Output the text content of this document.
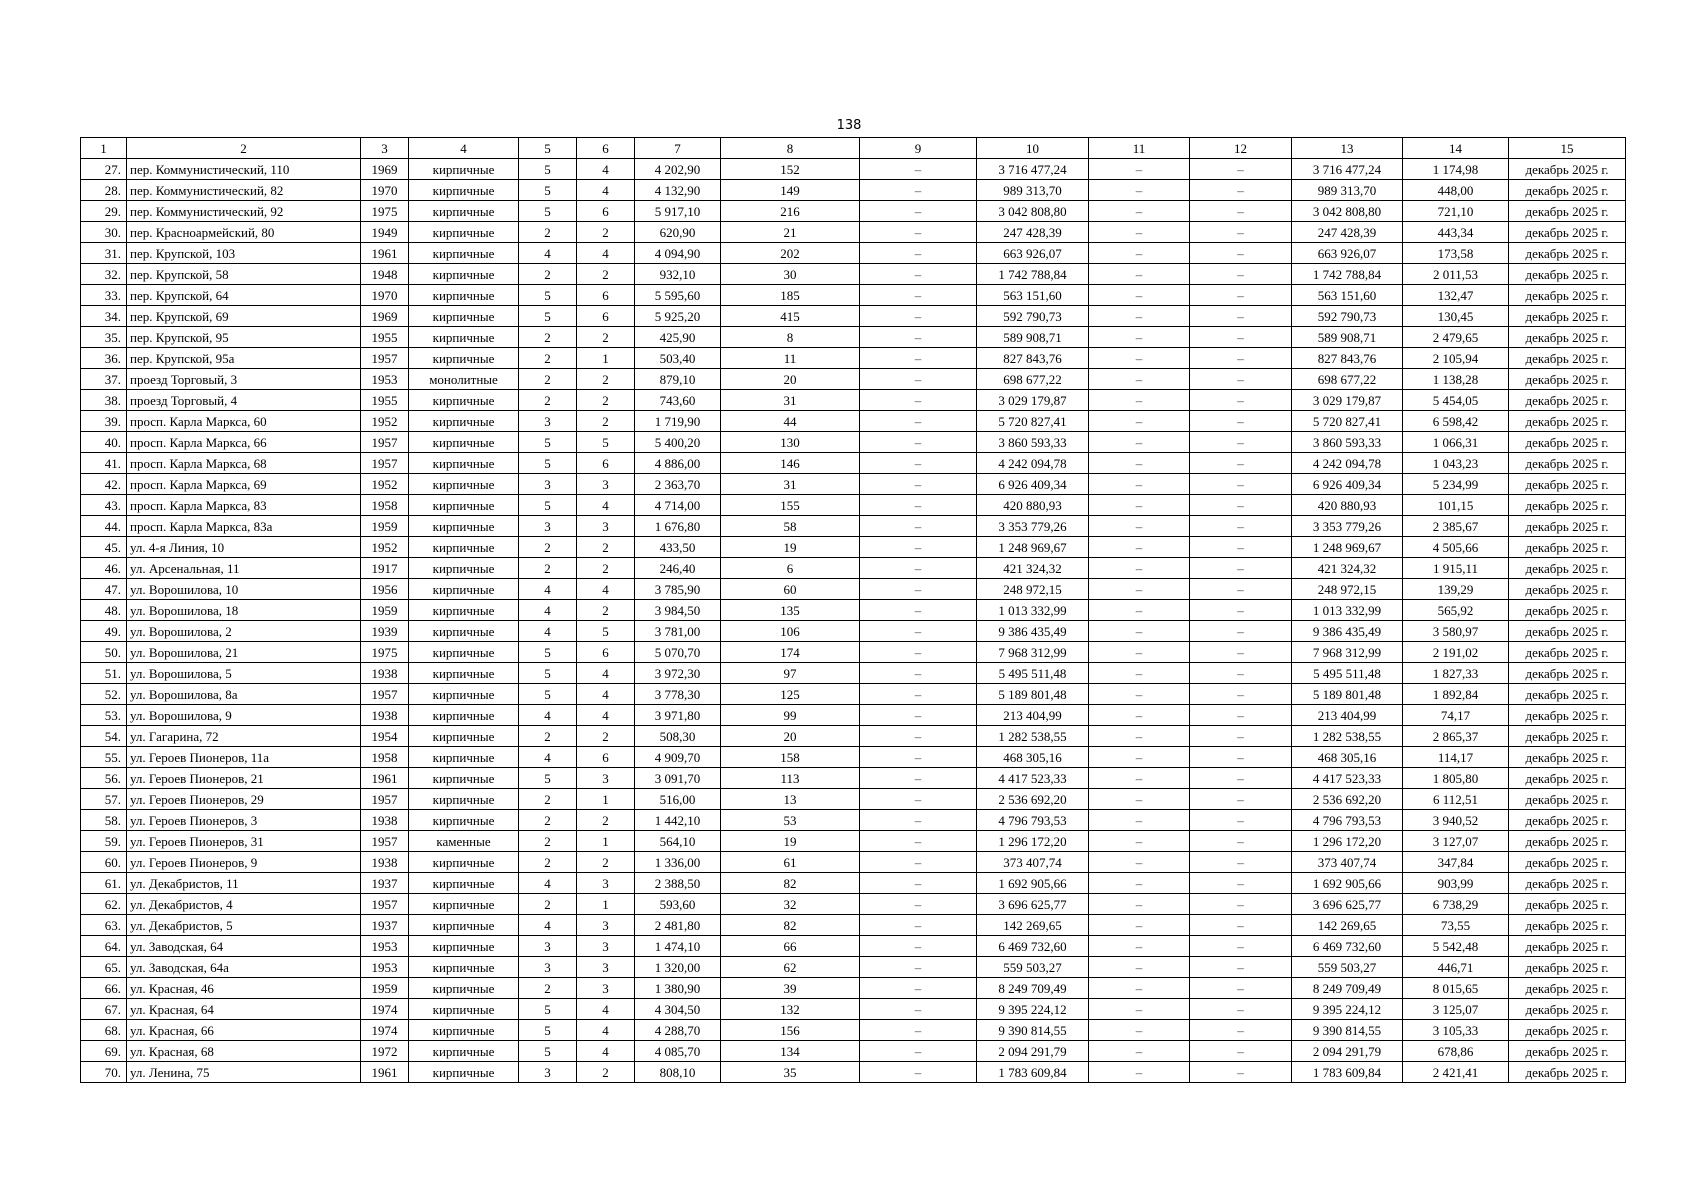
138
1	2	3	4	5	6	7	8	9	10	11	12	13	14	15
27.	пер. Коммунистический, 110	1969	кирпичные	5	4	4 202,90	152	–	3 716 477,24	–	–	3 716 477,24	1 174,98	декабрь 2025 г.
28.	пер. Коммунистический, 82	1970	кирпичные	5	4	4 132,90	149	–	989 313,70	–	–	989 313,70	448,00	декабрь 2025 г.
29.	пер. Коммунистический, 92	1975	кирпичные	5	6	5 917,10	216	–	3 042 808,80	–	–	3 042 808,80	721,10	декабрь 2025 г.
30.	пер. Красноармейский, 80	1949	кирпичные	2	2	620,90	21	–	247 428,39	–	–	247 428,39	443,34	декабрь 2025 г.
31.	пер. Крупской, 103	1961	кирпичные	4	4	4 094,90	202	–	663 926,07	–	–	663 926,07	173,58	декабрь 2025 г.
32.	пер. Крупской, 58	1948	кирпичные	2	2	932,10	30	–	1 742 788,84	–	–	1 742 788,84	2 011,53	декабрь 2025 г.
33.	пер. Крупской, 64	1970	кирпичные	5	6	5 595,60	185	–	563 151,60	–	–	563 151,60	132,47	декабрь 2025 г.
34.	пер. Крупской, 69	1969	кирпичные	5	6	5 925,20	415	–	592 790,73	–	–	592 790,73	130,45	декабрь 2025 г.
35.	пер. Крупской, 95	1955	кирпичные	2	2	425,90	8	–	589 908,71	–	–	589 908,71	2 479,65	декабрь 2025 г.
36.	пер. Крупской, 95а	1957	кирпичные	2	1	503,40	11	–	827 843,76	–	–	827 843,76	2 105,94	декабрь 2025 г.
37.	проезд Торговый, 3	1953	монолитные	2	2	879,10	20	–	698 677,22	–	–	698 677,22	1 138,28	декабрь 2025 г.
38.	проезд Торговый, 4	1955	кирпичные	2	2	743,60	31	–	3 029 179,87	–	–	3 029 179,87	5 454,05	декабрь 2025 г.
39.	просп. Карла Маркса, 60	1952	кирпичные	3	2	1 719,90	44	–	5 720 827,41	–	–	5 720 827,41	6 598,42	декабрь 2025 г.
40.	просп. Карла Маркса, 66	1957	кирпичные	5	5	5 400,20	130	–	3 860 593,33	–	–	3 860 593,33	1 066,31	декабрь 2025 г.
41.	просп. Карла Маркса, 68	1957	кирпичные	5	6	4 886,00	146	–	4 242 094,78	–	–	4 242 094,78	1 043,23	декабрь 2025 г.
42.	просп. Карла Маркса, 69	1952	кирпичные	3	3	2 363,70	31	–	6 926 409,34	–	–	6 926 409,34	5 234,99	декабрь 2025 г.
43.	просп. Карла Маркса, 83	1958	кирпичные	5	4	4 714,00	155	–	420 880,93	–	–	420 880,93	101,15	декабрь 2025 г.
44.	просп. Карла Маркса, 83а	1959	кирпичные	3	3	1 676,80	58	–	3 353 779,26	–	–	3 353 779,26	2 385,67	декабрь 2025 г.
45.	ул. 4-я Линия, 10	1952	кирпичные	2	2	433,50	19	–	1 248 969,67	–	–	1 248 969,67	4 505,66	декабрь 2025 г.
46.	ул. Арсенальная, 11	1917	кирпичные	2	2	246,40	6	–	421 324,32	–	–	421 324,32	1 915,11	декабрь 2025 г.
47.	ул. Ворошилова, 10	1956	кирпичные	4	4	3 785,90	60	–	248 972,15	–	–	248 972,15	139,29	декабрь 2025 г.
48.	ул. Ворошилова, 18	1959	кирпичные	4	2	3 984,50	135	–	1 013 332,99	–	–	1 013 332,99	565,92	декабрь 2025 г.
49.	ул. Ворошилова, 2	1939	кирпичные	4	5	3 781,00	106	–	9 386 435,49	–	–	9 386 435,49	3 580,97	декабрь 2025 г.
50.	ул. Ворошилова, 21	1975	кирпичные	5	6	5 070,70	174	–	7 968 312,99	–	–	7 968 312,99	2 191,02	декабрь 2025 г.
51.	ул. Ворошилова, 5	1938	кирпичные	5	4	3 972,30	97	–	5 495 511,48	–	–	5 495 511,48	1 827,33	декабрь 2025 г.
52.	ул. Ворошилова, 8а	1957	кирпичные	5	4	3 778,30	125	–	5 189 801,48	–	–	5 189 801,48	1 892,84	декабрь 2025 г.
53.	ул. Ворошилова, 9	1938	кирпичные	4	4	3 971,80	99	–	213 404,99	–	–	213 404,99	74,17	декабрь 2025 г.
54.	ул. Гагарина, 72	1954	кирпичные	2	2	508,30	20	–	1 282 538,55	–	–	1 282 538,55	2 865,37	декабрь 2025 г.
55.	ул. Героев Пионеров, 11а	1958	кирпичные	4	6	4 909,70	158	–	468 305,16	–	–	468 305,16	114,17	декабрь 2025 г.
56.	ул. Героев Пионеров, 21	1961	кирпичные	5	3	3 091,70	113	–	4 417 523,33	–	–	4 417 523,33	1 805,80	декабрь 2025 г.
57.	ул. Героев Пионеров, 29	1957	кирпичные	2	1	516,00	13	–	2 536 692,20	–	–	2 536 692,20	6 112,51	декабрь 2025 г.
58.	ул. Героев Пионеров, 3	1938	кирпичные	2	2	1 442,10	53	–	4 796 793,53	–	–	4 796 793,53	3 940,52	декабрь 2025 г.
59.	ул. Героев Пионеров, 31	1957	каменные	2	1	564,10	19	–	1 296 172,20	–	–	1 296 172,20	3 127,07	декабрь 2025 г.
60.	ул. Героев Пионеров, 9	1938	кирпичные	2	2	1 336,00	61	–	373 407,74	–	–	373 407,74	347,84	декабрь 2025 г.
61.	ул. Декабристов, 11	1937	кирпичные	4	3	2 388,50	82	–	1 692 905,66	–	–	1 692 905,66	903,99	декабрь 2025 г.
62.	ул. Декабристов, 4	1957	кирпичные	2	1	593,60	32	–	3 696 625,77	–	–	3 696 625,77	6 738,29	декабрь 2025 г.
63.	ул. Декабристов, 5	1937	кирпичные	4	3	2 481,80	82	–	142 269,65	–	–	142 269,65	73,55	декабрь 2025 г.
64.	ул. Заводская, 64	1953	кирпичные	3	3	1 474,10	66	–	6 469 732,60	–	–	6 469 732,60	5 542,48	декабрь 2025 г.
65.	ул. Заводская, 64а	1953	кирпичные	3	3	1 320,00	62	–	559 503,27	–	–	559 503,27	446,71	декабрь 2025 г.
66.	ул. Красная, 46	1959	кирпичные	2	3	1 380,90	39	–	8 249 709,49	–	–	8 249 709,49	8 015,65	декабрь 2025 г.
67.	ул. Красная, 64	1974	кирпичные	5	4	4 304,50	132	–	9 395 224,12	–	–	9 395 224,12	3 125,07	декабрь 2025 г.
68.	ул. Красная, 66	1974	кирпичные	5	4	4 288,70	156	–	9 390 814,55	–	–	9 390 814,55	3 105,33	декабрь 2025 г.
69.	ул. Красная, 68	1972	кирпичные	5	4	4 085,70	134	–	2 094 291,79	–	–	2 094 291,79	678,86	декабрь 2025 г.
70.	ул. Ленина, 75	1961	кирпичные	3	2	808,10	35	–	1 783 609,84	–	–	1 783 609,84	2 421,41	декабрь 2025 г.
